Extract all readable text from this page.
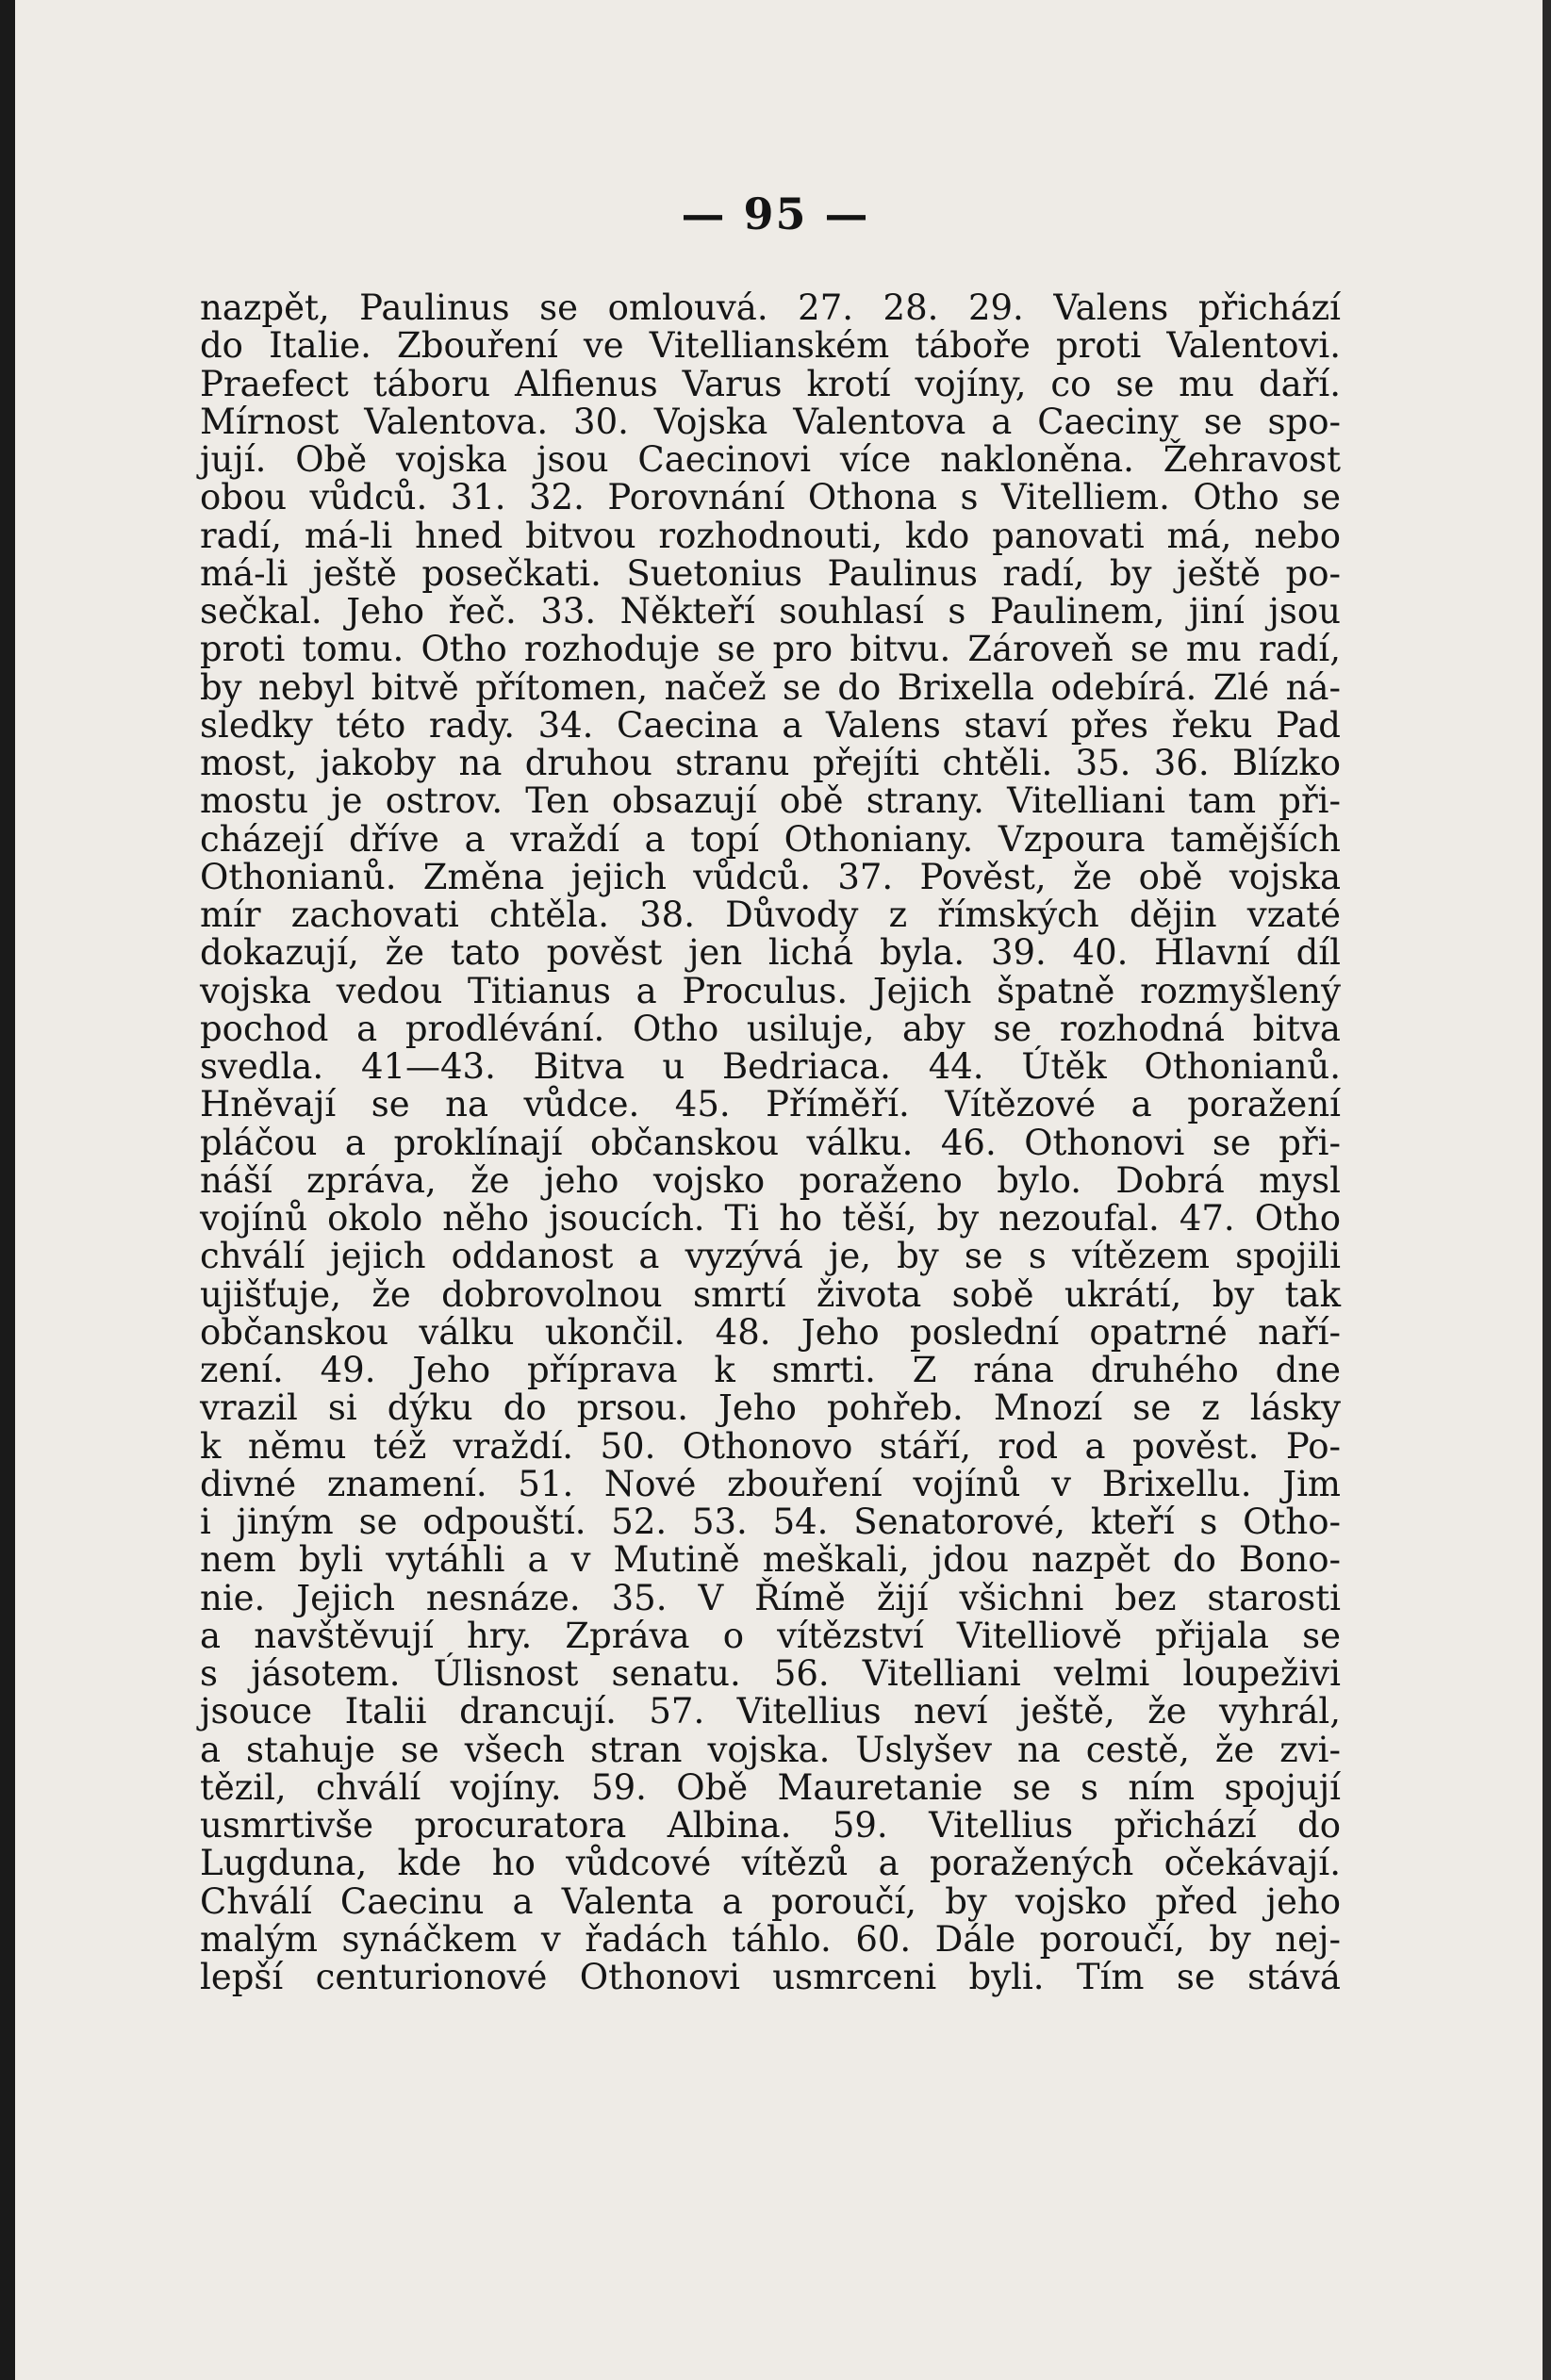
— 95 —
nazpět, Paulinus se omlouvá. 27. 28. 29. Valens přichází
do Italie. Zbouření ve Vitellianském táboře proti Valentovi.
Praefect táboru Alfienus Varus krotí vojíny, co se mu daří.
Mírnost Valentova. 30. Vojska Valentova a Caeciny se spo-
jují. Obě vojska jsou Caecinovi více nakloněna. Žehravost
obou vůdců. 31. 32. Porovnání Othona s Vitelliem. Otho se
radí, má-li hned bitvou rozhodnouti, kdo panovati má, nebo
má-li ještě posečkati. Suetonius Paulinus radí, by ještě po-
sečkal. Jeho řeč. 33. Někteří souhlasí s Paulinem, jiní jsou
proti tomu. Otho rozhoduje se pro bitvu. Zároveň se mu radí,
by nebyl bitvě přítomen, načež se do Brixella odebírá. Zlé ná-
sledky této rady. 34. Caecina a Valens staví přes řeku Pad
most, jakoby na druhou stranu přejíti chtěli. 35. 36. Blízko
mostu je ostrov. Ten obsazují obě strany. Vitelliani tam při-
cházejí dříve a vraždí a topí Othoniany. Vzpoura tamějších
Othonianů. Změna jejich vůdců. 37. Pověst, že obě vojska
mír zachovati chtěla. 38. Důvody z římských dějin vzaté
dokazují, že tato pověst jen lichá byla. 39. 40. Hlavní díl
vojska vedou Titianus a Proculus. Jejich špatně rozmyšlený
pochod a prodlévání. Otho usiluje, aby se rozhodná bitva
svedla. 41—43. Bitva u Bedriaca. 44. Útěk Othonianů.
Hněvají se na vůdce. 45. Příměří. Vítězové a poražení
pláčou a proklínají občanskou válku. 46. Othonovi se při-
náší zpráva, že jeho vojsko poraženo bylo. Dobrá mysl
vojínů okolo něho jsoucích. Ti ho těší, by nezoufal. 47. Otho
chválí jejich oddanost a vyzývá je, by se s vítězem spojili
ujišťuje, že dobrovolnou smrtí života sobě ukrátí, by tak
občanskou válku ukončil. 48. Jeho poslední opatrné naří-
zení. 49. Jeho příprava k smrti. Z rána druhého dne
vrazil si dýku do prsou. Jeho pohřeb. Mnozí se z lásky
k němu též vraždí. 50. Othonovo stáří, rod a pověst. Po-
divné znamení. 51. Nové zbouření vojínů v Brixellu. Jim
i jiným se odpouští. 52. 53. 54. Senatorové, kteří s Otho-
nem byli vytáhli a v Mutině meškali, jdou nazpět do Bono-
nie. Jejich nesnáze. 35. V Římě žijí všichni bez starosti
a navštěvují hry. Zpráva o vítězství Vitelliově přijala se
s jásotem. Úlisnost senatu. 56. Vitelliani velmi loupeživi
jsouce Italii drancují. 57. Vitellius neví ještě, že vyhrál,
a stahuje se všech stran vojska. Uslyšev na cestě, že zvi-
tězil, chválí vojíny. 59. Obě Mauretanie se s ním spojují
usmrtivše procuratora Albina. 59. Vitellius přichází do
Lugduna, kde ho vůdcové vítězů a poražených očekávají.
Chválí Caecinu a Valenta a poroučí, by vojsko před jeho
malým synáčkem v řadách táhlo. 60. Dále poroučí, by nej-
lepší centurionové Othonovi usmrceni byli. Tím se stává
